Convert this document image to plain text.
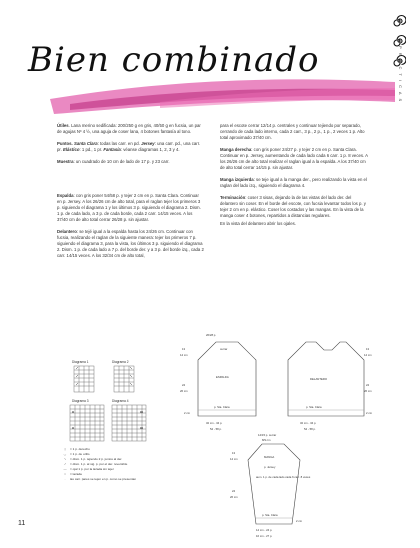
Bien combinado	P R Á C T I C A S

Útiles. Lana merino sedificada: 200/250 g en gris, 40/50 g en fucsia, un par de agujas Nº 4 ½, una aguja de coser lana, 4 botones fantasía al tono.

Puntos. Santa Clara: todas las carr. en pd. Jersey: una carr. pd., una carr. pr. Elástico: 1 pd., 1 pr. Fantasía: véanse diagramas 1, 2, 3 y 4.

Muestra: un cuadrado de 10 cm de lado de 17 p. y 23 carr.

Espalda: con gris poner 54/58 p. y tejer 2 cm en p. Santa Clara. Continuar en p. Jersey. A los 26/26 cm de alto total, para el raglan tejer los primeros 3 p. siguiendo el diagrama 1 y los últimos 3 p. siguiendo el diagrama 2. Dism. 1 p. de cada lado, a 3 p. de cada borde, cada 2 carr. 14/15 veces. A los 37/40 cm de alto total cerrar 26/28 p. sin ajustar.

Delantero: se tejé igual a la espalda hasta los 24/26 cm. Continuar con fucsia, realizando el raglan de la siguiente manera: tejer los primeros 7 p. siguiendo el diagrama 3, para la vista, los últimos 3 p. siguiendo el diagrama 2. Dism. 1 p. de cada lado a 7 p. del borde der. y a 3 p. del borde izq., cada 2 carr. 14/15 veces. A los 32/34 cm de alto total,

para el escote cerrar 12/14 p. centrales y continuar tejiendo por separado, cerrando de cada lado interno, cada 2 carr., 3 p., 2 p., 1 p., 2 veces 1 p. Alto total aproximado 37/40 cm.

Manga derecha: con gris poner 24/27 p. y tejer 2 cm en p. Santa Clara. Continuar en p. Jersey, aumentando de cada lado cada 6 carr. 1 p. 8 veces. A los 26/26 cm de alto total realizar el raglan igual a la espalda. A los 37/40 cm de alto total cerrar 14/15 p. sin ajustar.

Manga izquierda: se teje igual a la manga der., pero realizando la vista en el raglan del lado izq., siguiendo el diagrama 4.

Terminación: coser 3 sisas, dejando la de las vistas del lado der. del delantero sin coser. En el borde del escote, con fucsia levantar todos los p. y tejer 2 cm en p. elástico. Coser los costados y las mangas. En la vista de la manga coser 4 botones, repartidos a distancias regulares.

En la vista del delantero abrir los ojales.

Diagrama 1	Diagrama 2
Diagrama 3	Diagrama 4
|	= 1 p. derecho
◡	= 1 p. de orillo
\	= dism. 1 p. tejiendo 2 p. juntos al der.
/	= dism. 1 p. al sig. p. por el der. reversible
—	= ojal 1 p. por la lazada sin tejer
○	= lazada
·	las carr. pares se tejen en p. como se presentan
26/28 p.
ESPALDA
p. Sta. Clara
32 cm - 34 p.
54 - 58 p.
13
14 cm
24
26 cm
2 cm
cerrar
DELANTERO
p. Sta. Clara
32 cm - 34 p.
54 - 58 p.
13
14 cm
24
26 cm
2 cm
14/15 p. cerrar
8/9 cm
MANGA
p. Jersey
aum. 1 p. de cada lado cada 6 carr. 8 veces
p. Sta. Clara
14 cm - 24 p.
16 cm - 27 p.
13
14 cm
24
26 cm
2 cm
11
